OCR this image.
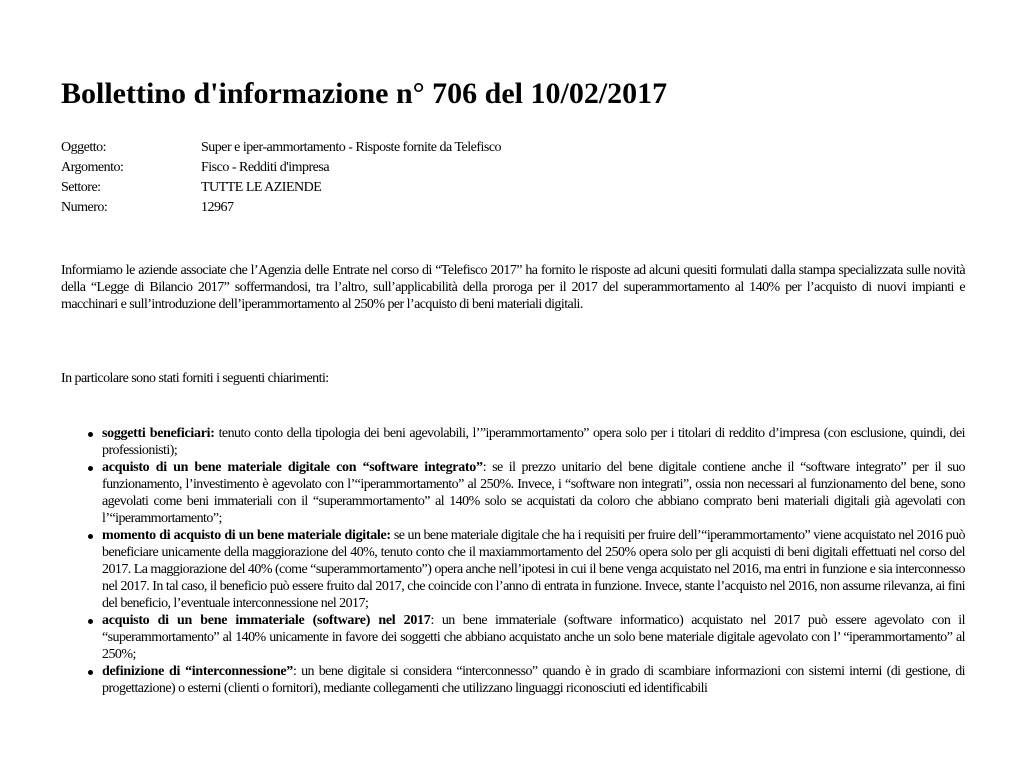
Bollettino d'informazione n° 706 del 10/02/2017
Oggetto:	Super e iper-ammortamento - Risposte fornite da Telefisco
Argomento:	Fisco - Redditi d'impresa
Settore:	TUTTE LE AZIENDE
Numero:	12967

Informiamo le aziende associate che l’Agenzia delle Entrate nel corso di “Telefisco 2017” ha fornito le risposte ad alcuni quesiti formulati dalla stampa specializzata sulle novità della “Legge di Bilancio 2017” soffermandosi, tra l’altro, sull’applicabilità della proroga per il 2017 del superammortamento al 140% per l’acquisto di nuovi impianti e macchinari e sull’introduzione dell’iperammortamento al 250% per l’acquisto di beni materiali digitali.

In particolare sono stati forniti i seguenti chiarimenti:

soggetti beneficiari: tenuto conto della tipologia dei beni agevolabili, l’”iperammortamento” opera solo per i titolari di reddito d’impresa (con esclusione, quindi, dei professionisti);
acquisto di un bene materiale digitale con “software integrato”: se il prezzo unitario del bene digitale contiene anche il “software integrato” per il suo funzionamento, l’investimento è agevolato con l’“iperammortamento” al 250%. Invece, i “software non integrati”, ossia non necessari al funzionamento del bene, sono agevolati come beni immateriali con il “superammortamento” al 140% solo se acquistati da coloro che abbiano comprato beni materiali digitali già agevolati con l’“iperammortamento”;
momento di acquisto di un bene materiale digitale: se un bene materiale digitale che ha i requisiti per fruire dell’“iperammortamento” viene acquistato nel 2016 può beneficiare unicamente della maggiorazione del 40%, tenuto conto che il maxiammortamento del 250% opera solo per gli acquisti di beni digitali effettuati nel corso del 2017. La maggiorazione del 40% (come “superammortamento”) opera anche nell’ipotesi in cui il bene venga acquistato nel 2016, ma entri in funzione e sia interconnesso nel 2017. In tal caso, il beneficio può essere fruito dal 2017, che coincide con l’anno di entrata in funzione. Invece, stante l’acquisto nel 2016, non assume rilevanza, ai fini del beneficio, l’eventuale interconnessione nel 2017;
acquisto di un bene immateriale (software) nel 2017: un bene immateriale (software informatico) acquistato nel 2017 può essere agevolato con il “superammortamento” al 140% unicamente in favore dei soggetti che abbiano acquistato anche un solo bene materiale digitale agevolato con l’ “iperammortamento” al 250%;
definizione di “interconnessione”: un bene digitale si considera “interconnesso” quando è in grado di scambiare informazioni con sistemi interni (di gestione, di progettazione) o esterni (clienti o fornitori), mediante collegamenti che utilizzano linguaggi riconosciuti ed identificabili
